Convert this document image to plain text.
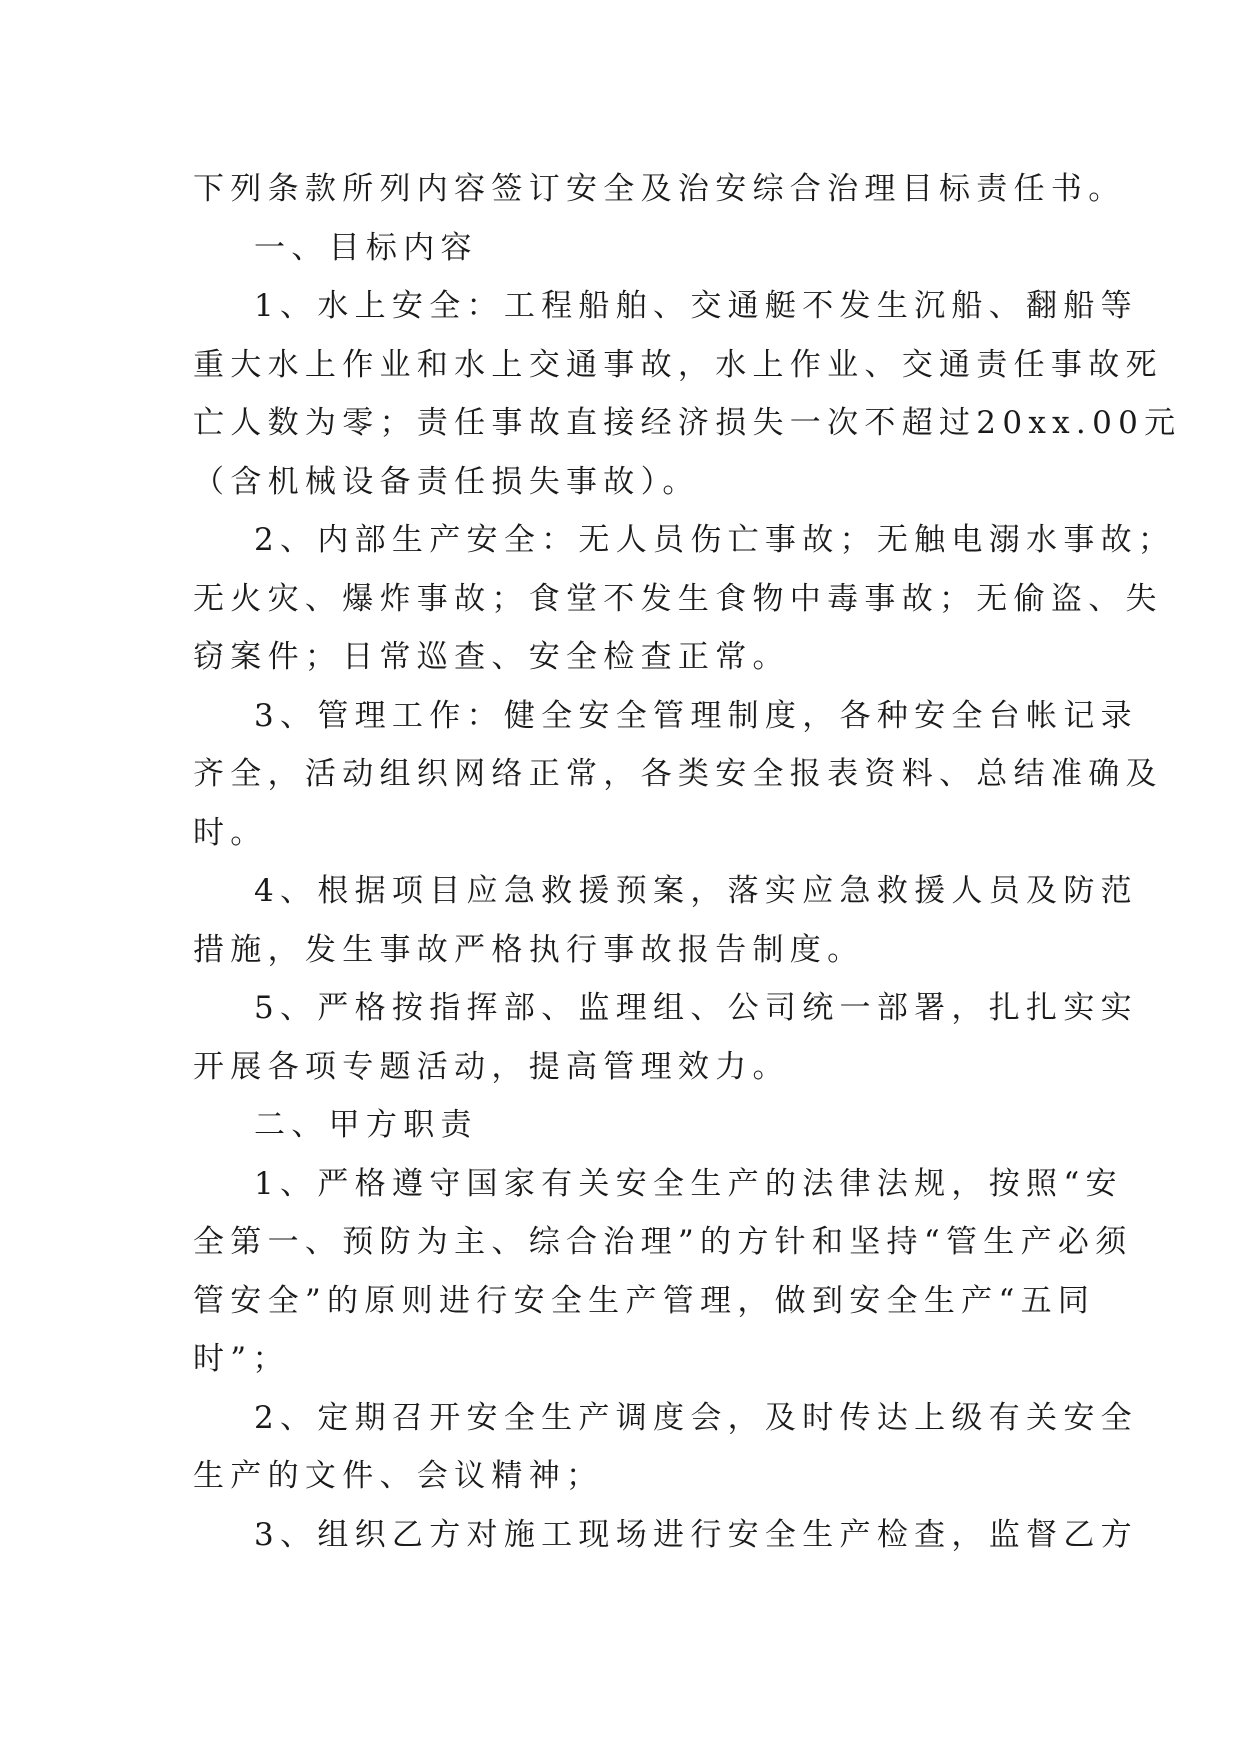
下列条款所列内容签订安全及治安综合治理目标责任书。
一、目标内容
1、水上安全：工程船舶、交通艇不发生沉船、翻船等
重大水上作业和水上交通事故，水上作业、交通责任事故死
亡人数为零；责任事故直接经济损失一次不超过20xx.00元
（含机械设备责任损失事故）。
2、内部生产安全：无人员伤亡事故；无触电溺水事故；
无火灾、爆炸事故；食堂不发生食物中毒事故；无偷盗、失
窃案件；日常巡查、安全检查正常。
3、管理工作：健全安全管理制度，各种安全台帐记录
齐全，活动组织网络正常，各类安全报表资料、总结准确及
时。
4、根据项目应急救援预案，落实应急救援人员及防范
措施，发生事故严格执行事故报告制度。
5、严格按指挥部、监理组、公司统一部署，扎扎实实
开展各项专题活动，提高管理效力。
二、甲方职责
1、严格遵守国家有关安全生产的法律法规，按照“安
全第一、预防为主、综合治理”的方针和坚持“管生产必须
管安全”的原则进行安全生产管理，做到安全生产“五同
时”；
2、定期召开安全生产调度会，及时传达上级有关安全
生产的文件、会议精神；
3、组织乙方对施工现场进行安全生产检查，监督乙方
